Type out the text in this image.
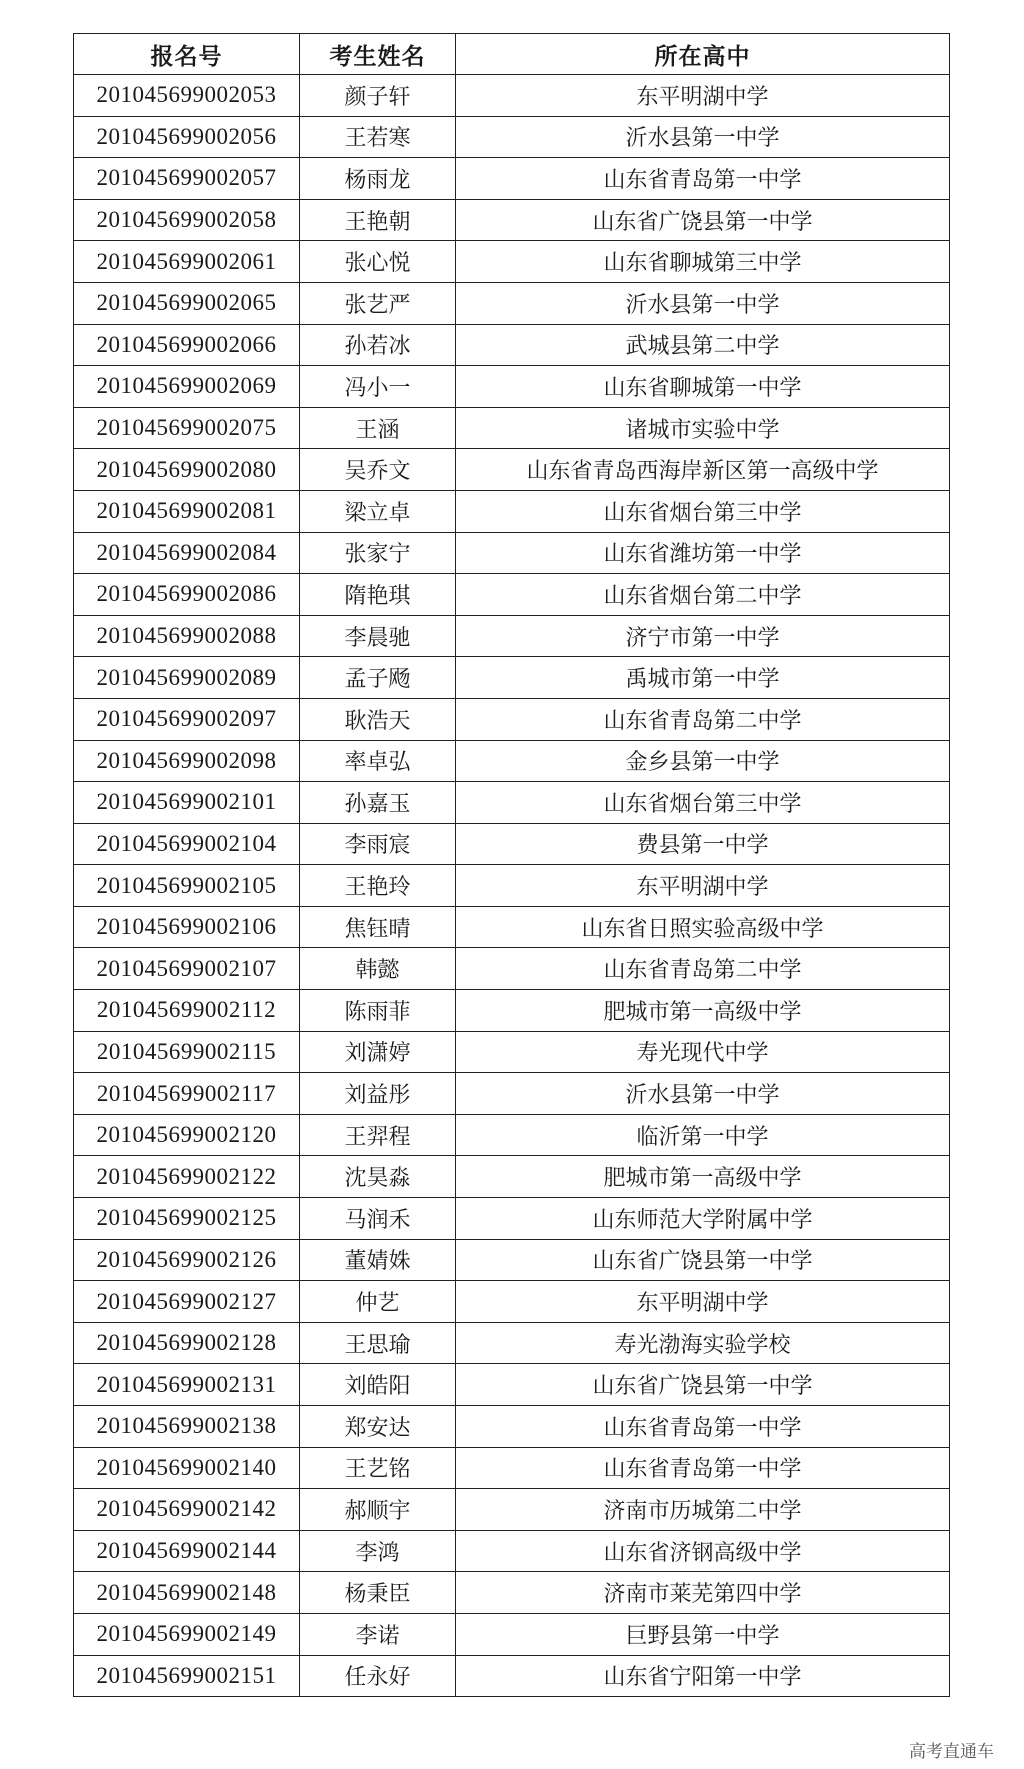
报名号	考生姓名	所在高中
201045699002053	颜子轩	东平明湖中学
201045699002056	王若寒	沂水县第一中学
201045699002057	杨雨龙	山东省青岛第一中学
201045699002058	王艳朝	山东省广饶县第一中学
201045699002061	张心悦	山东省聊城第三中学
201045699002065	张艺严	沂水县第一中学
201045699002066	孙若冰	武城县第二中学
201045699002069	冯小一	山东省聊城第一中学
201045699002075	王涵	诸城市实验中学
201045699002080	吴乔文	山东省青岛西海岸新区第一高级中学
201045699002081	梁立卓	山东省烟台第三中学
201045699002084	张家宁	山东省潍坊第一中学
201045699002086	隋艳琪	山东省烟台第二中学
201045699002088	李晨驰	济宁市第一中学
201045699002089	孟子飏	禹城市第一中学
201045699002097	耿浩天	山东省青岛第二中学
201045699002098	率卓弘	金乡县第一中学
201045699002101	孙嘉玉	山东省烟台第三中学
201045699002104	李雨宸	费县第一中学
201045699002105	王艳玲	东平明湖中学
201045699002106	焦钰晴	山东省日照实验高级中学
201045699002107	韩懿	山东省青岛第二中学
201045699002112	陈雨菲	肥城市第一高级中学
201045699002115	刘潇婷	寿光现代中学
201045699002117	刘益彤	沂水县第一中学
201045699002120	王羿程	临沂第一中学
201045699002122	沈昊淼	肥城市第一高级中学
201045699002125	马润禾	山东师范大学附属中学
201045699002126	董婧姝	山东省广饶县第一中学
201045699002127	仲艺	东平明湖中学
201045699002128	王思瑜	寿光渤海实验学校
201045699002131	刘皓阳	山东省广饶县第一中学
201045699002138	郑安达	山东省青岛第一中学
201045699002140	王艺铭	山东省青岛第一中学
201045699002142	郝顺宇	济南市历城第二中学
201045699002144	李鸿	山东省济钢高级中学
201045699002148	杨秉臣	济南市莱芜第四中学
201045699002149	李诺	巨野县第一中学
201045699002151	任永好	山东省宁阳第一中学
高考直通车
